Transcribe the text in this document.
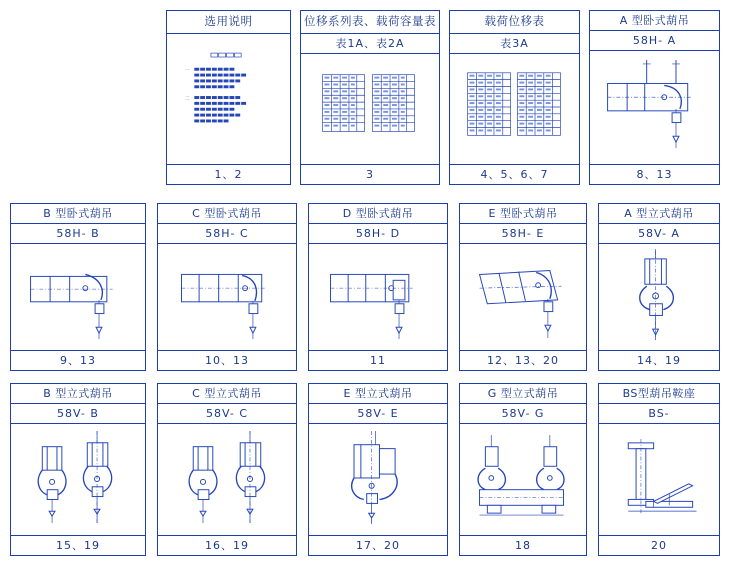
选用说明
一
二
1、2
位移系列表、载荷容量表
表1A、表2A
3
载荷位移表
表3A
4、5、6、7
A 型卧式葫吊
58H- A
8、13
B 型卧式葫吊
58H- B
9、13
C 型卧式葫吊
58H- C
10、13
D 型卧式葫吊
58H- D
11
E 型卧式葫吊
58H- E
12、13、20
A 型立式葫吊
58V- A
14、19
B 型立式葫吊
58V- B
15、19
C 型立式葫吊
58V- C
16、19
E 型立式葫吊
58V- E
17、20
G 型立式葫吊
58V- G
18
BS型葫吊鞍座
BS-
20
